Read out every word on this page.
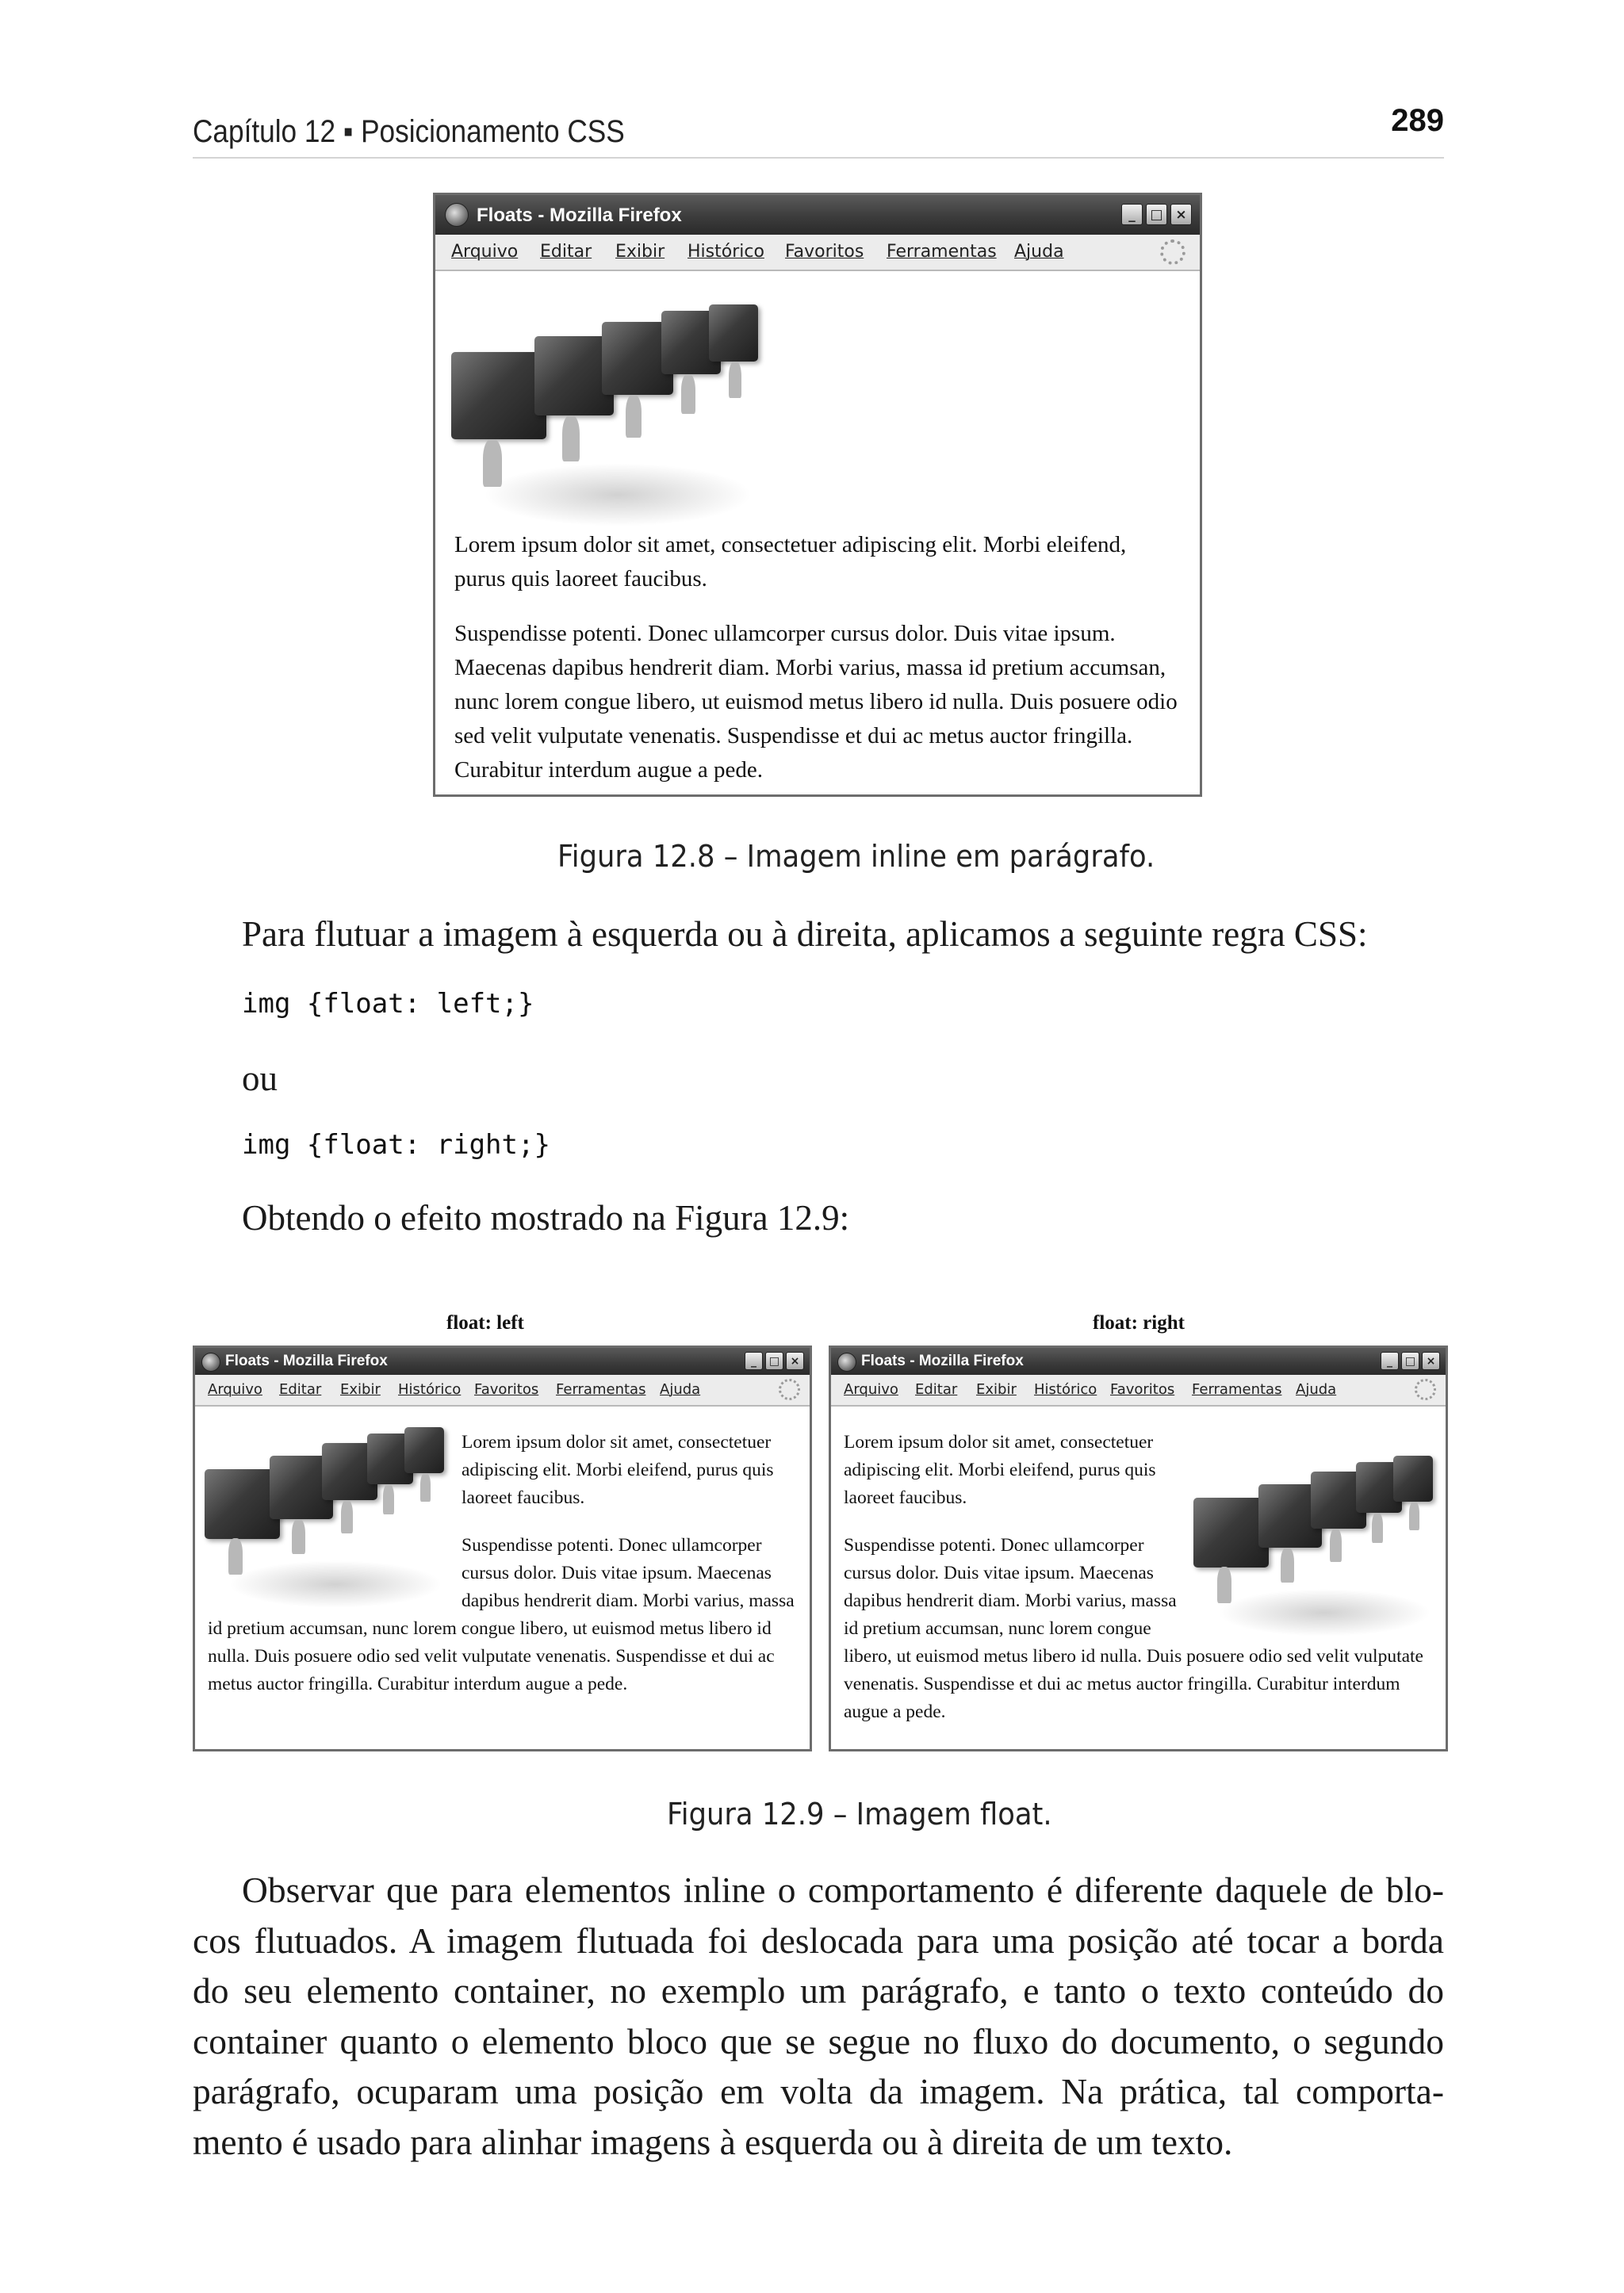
Capítulo 12 ▪ Posicionamento CSS	289
Floats - Mozilla Firefox	_	□ ×
Arquivo Editar Exibir Histórico Favoritos Ferramentas Ajuda

Lorem ipsum dolor sit amet, consectetuer adipiscing elit. Morbi eleifend, purus quis laoreet faucibus.

Suspendisse potenti. Donec ullamcorper cursus dolor. Duis vitae ipsum. Maecenas dapibus hendrerit diam. Morbi varius, massa id pretium accumsan, nunc lorem congue libero, ut euismod metus libero id nulla. Duis posuere odio sed velit vulputate venenatis. Suspendisse et dui ac metus auctor fringilla. Curabitur interdum augue a pede.

Figura 12.8 – Imagem inline em parágrafo.
Para flutuar a imagem à esquerda ou à direita, aplicamos a seguinte regra CSS:
img {float: left;}
ou
img {float: right;}
Obtendo o efeito mostrado na Figura 12.9:
float: left	float: right
Floats - Mozilla Firefox	_	□ ×
Arquivo Editar Exibir Histórico Favoritos Ferramentas Ajuda

Lorem ipsum dolor sit amet, consectetuer adipiscing elit. Morbi eleifend, purus quis laoreet faucibus.

Suspendisse potenti. Donec ullamcorper cursus dolor. Duis vitae ipsum. Maecenas dapibus hendrerit diam. Morbi varius, massa id pretium accumsan, nunc lorem congue libero, ut euismod metus libero id nulla. Duis posuere odio sed velit vulputate venenatis. Suspendisse et dui ac metus auctor fringilla. Curabitur interdum augue a pede.

Floats - Mozilla Firefox	_	□ ×
Arquivo Editar Exibir Histórico Favoritos Ferramentas Ajuda

Lorem ipsum dolor sit amet, consectetuer adipiscing elit. Morbi eleifend, purus quis laoreet faucibus.

Suspendisse potenti. Donec ullamcorper cursus dolor. Duis vitae ipsum. Maecenas dapibus hendrerit diam. Morbi varius, massa id pretium accumsan, nunc lorem congue libero, ut euismod metus libero id nulla. Duis posuere odio sed velit vulputate venenatis. Suspendisse et dui ac metus auctor fringilla. Curabitur interdum augue a pede.

Figura 12.9 – Imagem float.
Observar que para elementos inline o comportamento é diferente daquele de blo-
cos flutuados. A imagem flutuada foi deslocada para uma posição até tocar a borda
do seu elemento container, no exemplo um parágrafo, e tanto o texto conteúdo do
container quanto o elemento bloco que se segue no fluxo do documento, o segundo
parágrafo, ocuparam uma posição em volta da imagem. Na prática, tal comporta-
mento é usado para alinhar imagens à esquerda ou à direita de um texto.
